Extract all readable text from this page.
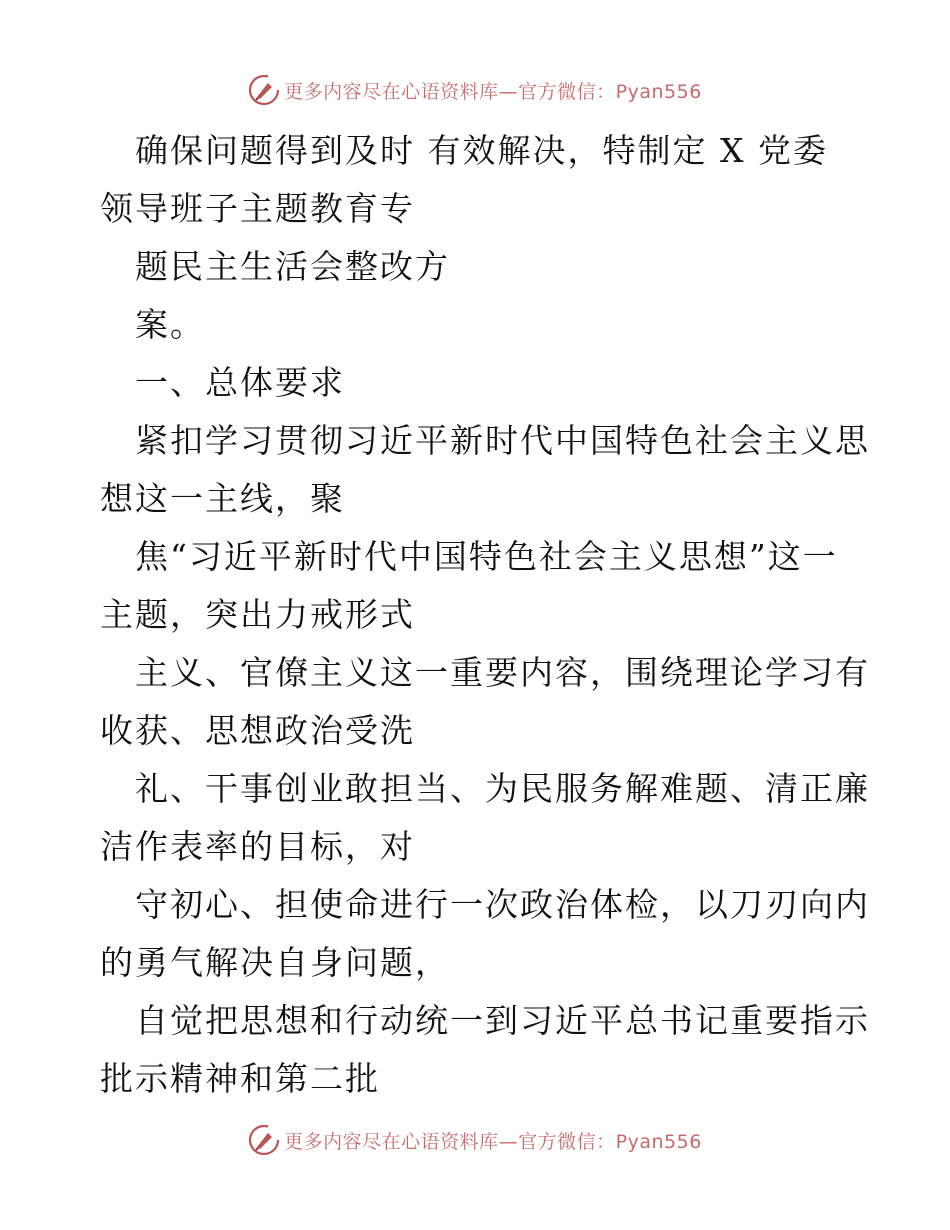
更多内容尽在心语资料库—官方微信：Pyan556
确保问题得到及时 有效解决，特制定 X 党委
领导班子主题教育专
题民主生活会整改方
案。
一、总体要求
紧扣学习贯彻习近平新时代中国特色社会主义思
想这一主线，聚
焦“习近平新时代中国特色社会主义思想”这一
主题，突出力戒形式
主义、官僚主义这一重要内容，围绕理论学习有
收获、思想政治受洗
礼、干事创业敢担当、为民服务解难题、清正廉
洁作表率的目标，对
守初心、担使命进行一次政治体检，以刀刃向内
的勇气解决自身问题，
自觉把思想和行动统一到习近平总书记重要指示
批示精神和第二批
更多内容尽在心语资料库—官方微信：Pyan556
